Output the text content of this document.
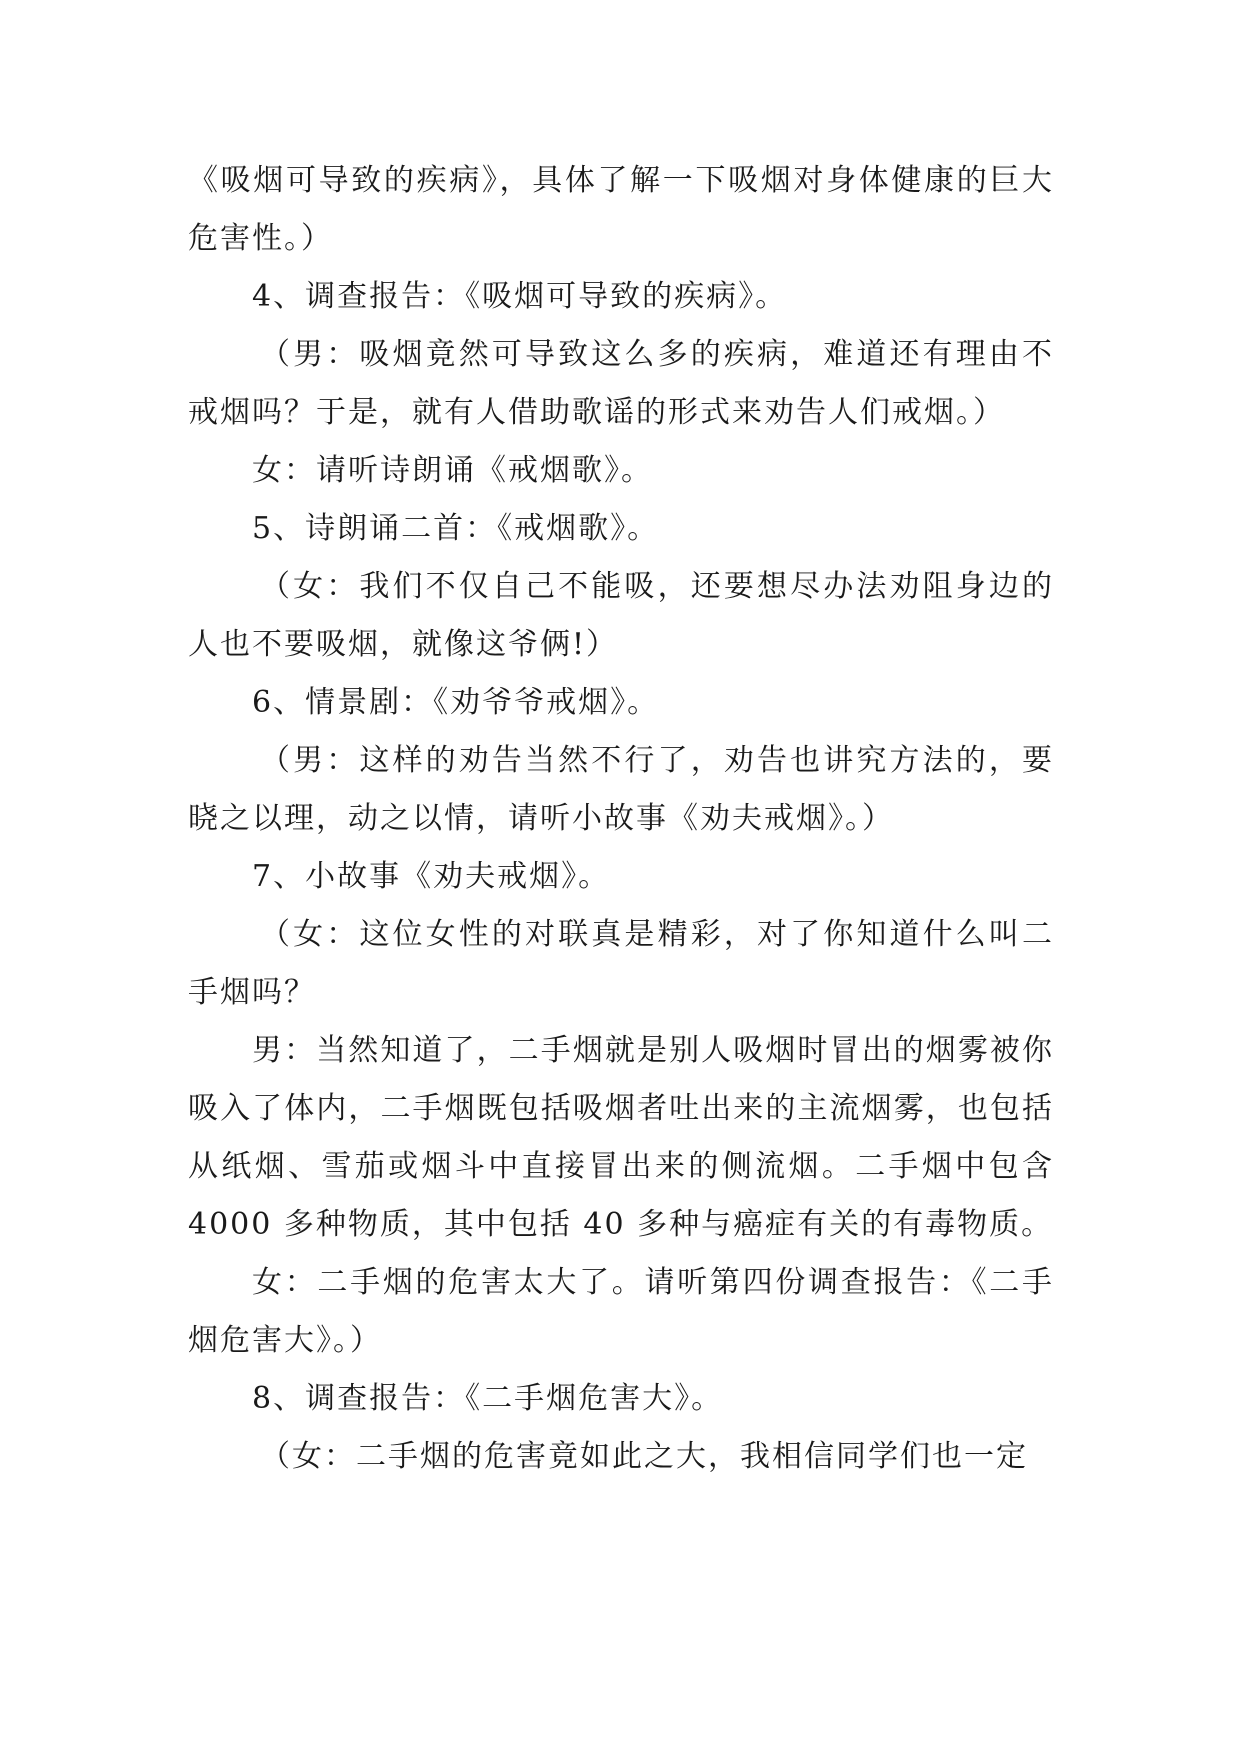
《吸烟可导致的疾病》，具体了解一下吸烟对身体健康的巨大危害性。）

4、调查报告：《吸烟可导致的疾病》。

（男：吸烟竟然可导致这么多的疾病，难道还有理由不戒烟吗？于是，就有人借助歌谣的形式来劝告人们戒烟。）

女：请听诗朗诵《戒烟歌》。

5、诗朗诵二首：《戒烟歌》。

（女：我们不仅自己不能吸，还要想尽办法劝阻身边的人也不要吸烟，就像这爷俩!）

6、情景剧：《劝爷爷戒烟》。

（男：这样的劝告当然不行了，劝告也讲究方法的，要晓之以理，动之以情，请听小故事《劝夫戒烟》。）

7、小故事《劝夫戒烟》。

（女：这位女性的对联真是精彩，对了你知道什么叫二手烟吗？

男：当然知道了，二手烟就是别人吸烟时冒出的烟雾被你吸入了体内，二手烟既包括吸烟者吐出来的主流烟雾，也包括从纸烟、雪茄或烟斗中直接冒出来的侧流烟。二手烟中包含 4000 多种物质，其中包括 40 多种与癌症有关的有毒物质。

女：二手烟的危害太大了。请听第四份调查报告：《二手烟危害大》。）

8、调查报告：《二手烟危害大》。

（女：二手烟的危害竟如此之大，我相信同学们也一定
